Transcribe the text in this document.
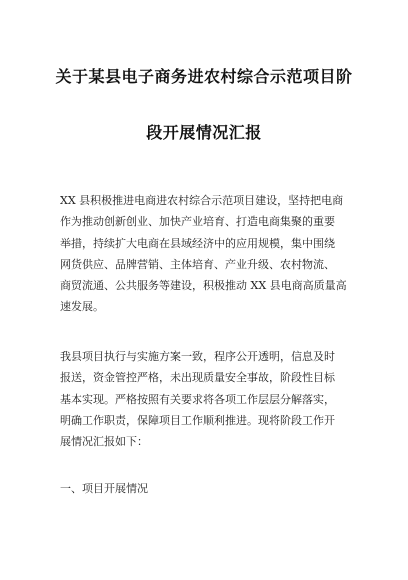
关于某县电子商务进农村综合示范项目阶
段开展情况汇报
XX 县积极推进电商进农村综合示范项目建设，坚持把电商
作为推动创新创业、加快产业培育、打造电商集聚的重要
举措，持续扩大电商在县域经济中的应用规模，集中围绕
网货供应、品牌营销、主体培育、产业升级、农村物流、
商贸流通、公共服务等建设，积极推动 XX 县电商高质量高
速发展。
我县项目执行与实施方案一致，程序公开透明，信息及时
报送，资金管控严格，未出现质量安全事故，阶段性目标
基本实现。严格按照有关要求将各项工作层层分解落实，
明确工作职责，保障项目工作顺利推进。现将阶段工作开
展情况汇报如下：
一、项目开展情况
